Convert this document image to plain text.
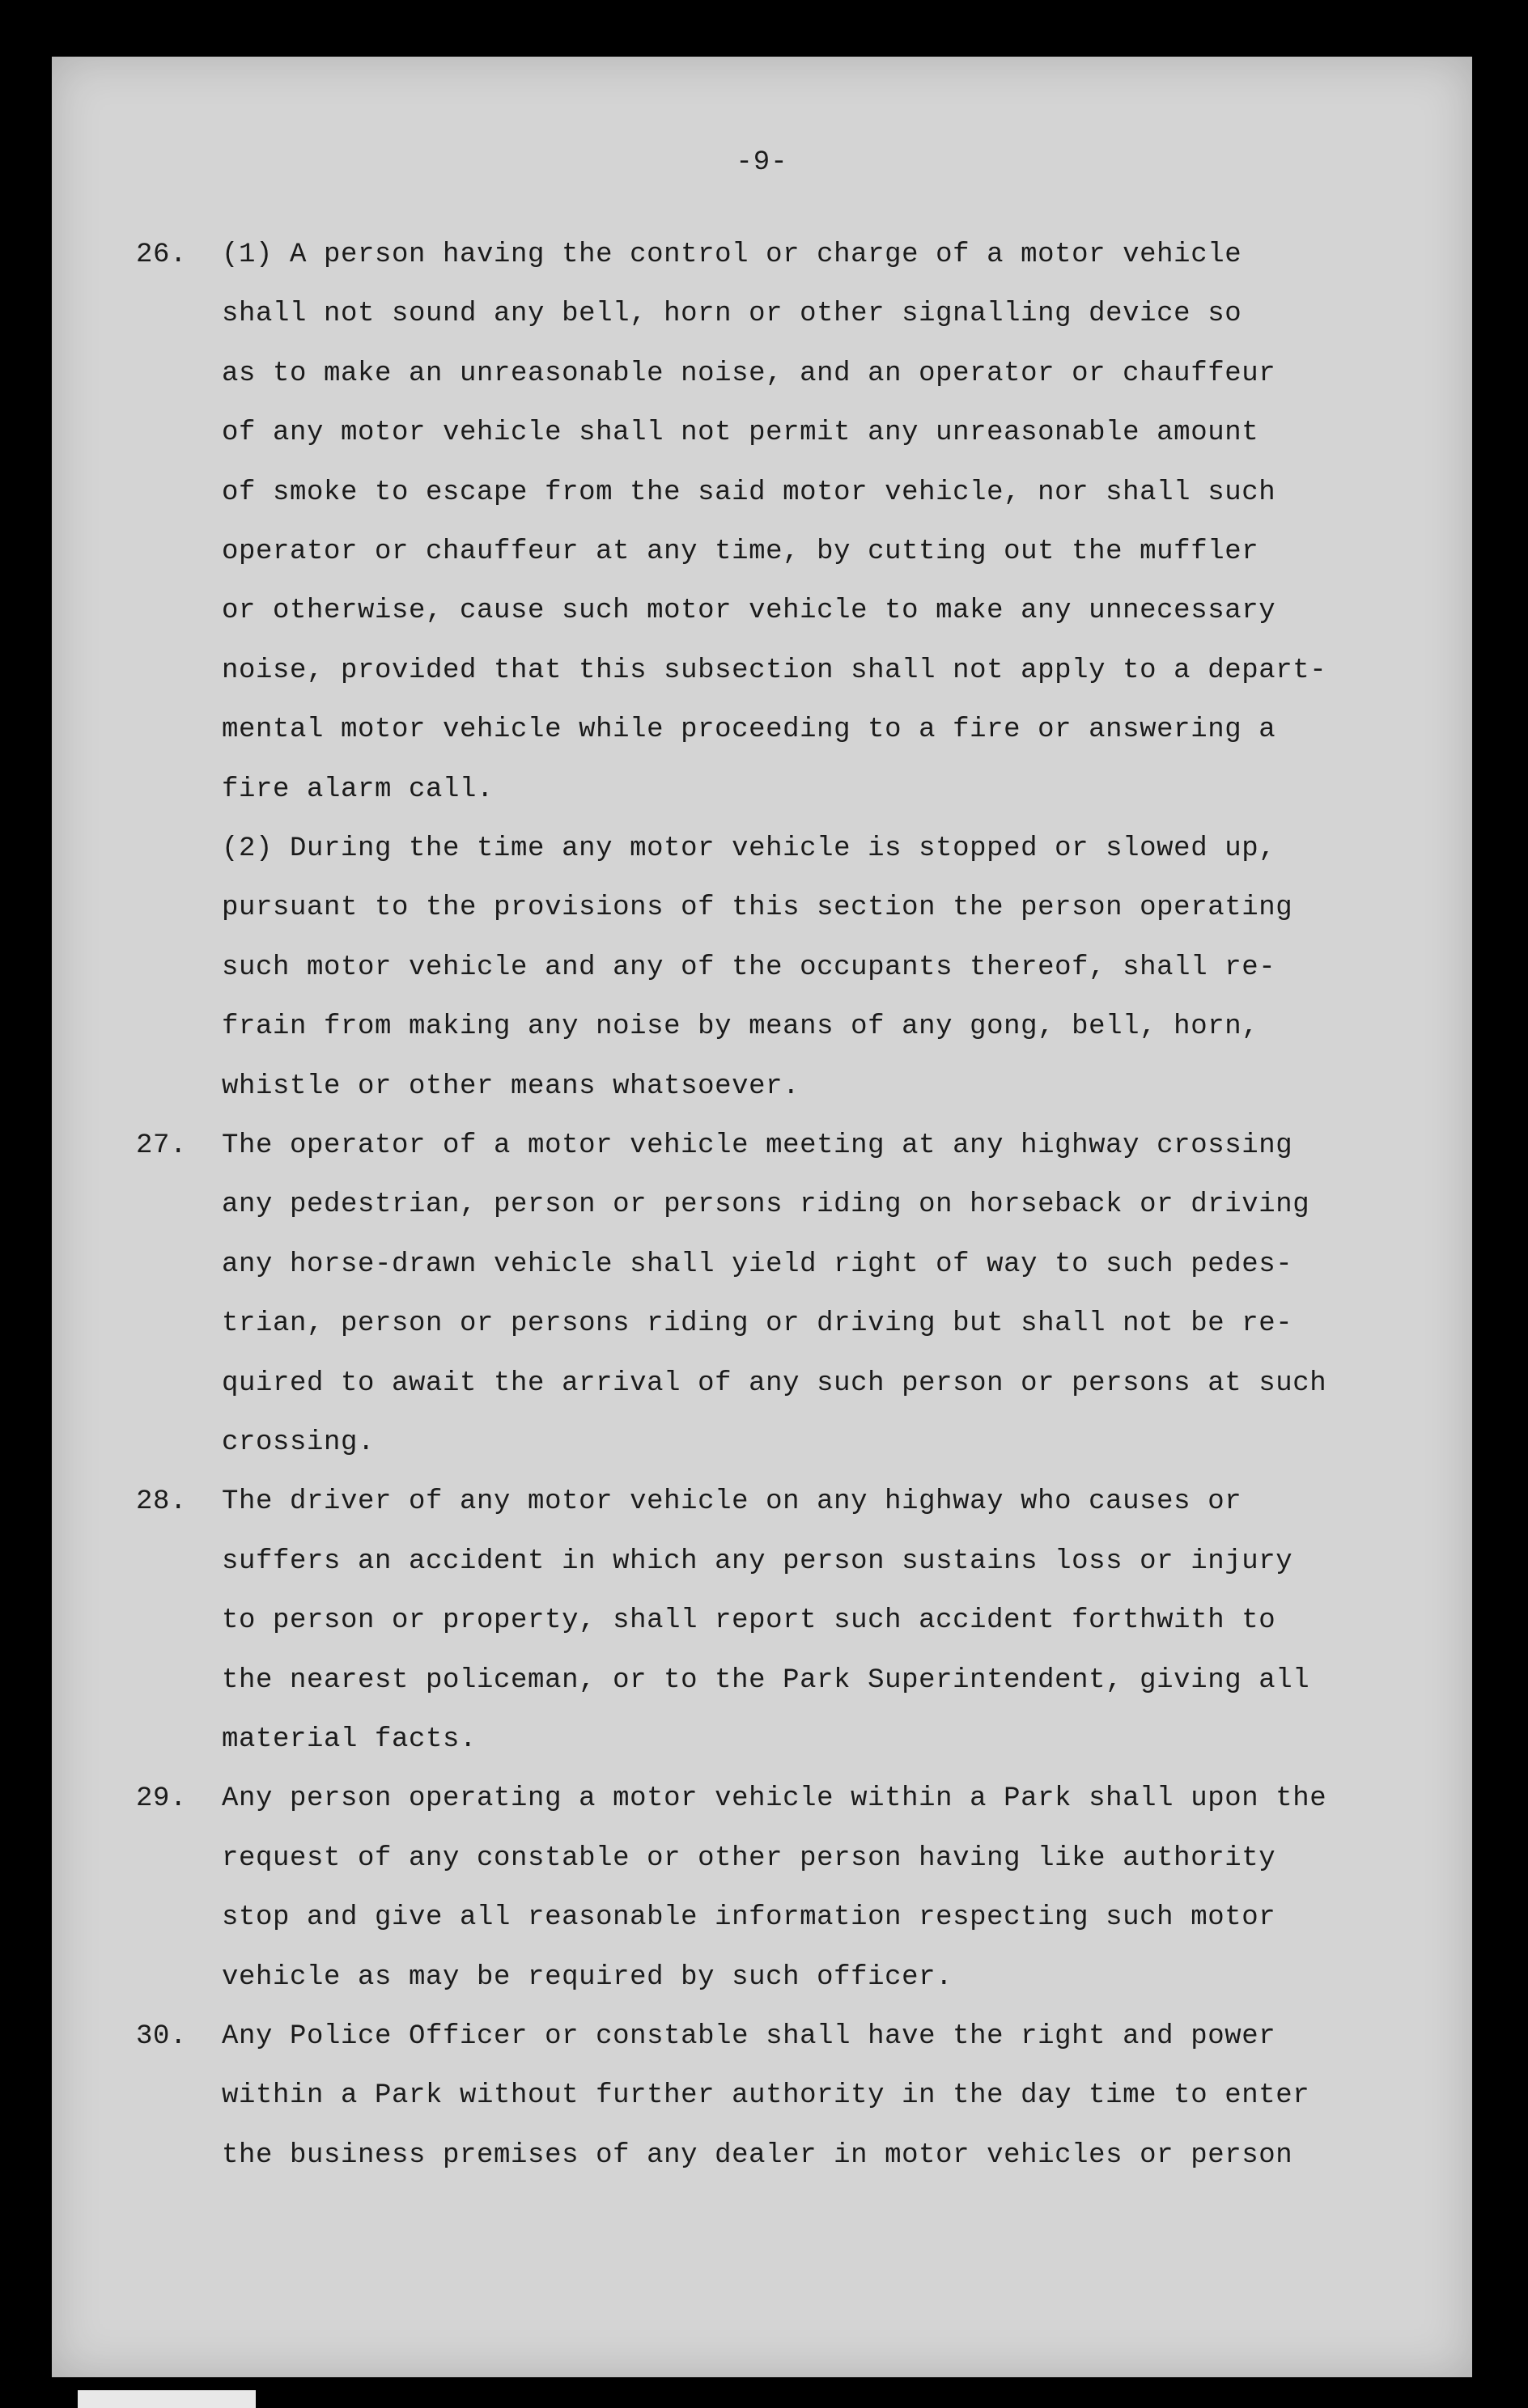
-9-
26. (1) A person having the control or charge of a motor vehicle
shall not sound any bell, horn or other signalling device so
as to make an unreasonable noise, and an operator or chauffeur
of any motor vehicle shall not permit any unreasonable amount
of smoke to escape from the said motor vehicle, nor shall such
operator or chauffeur at any time, by cutting out the muffler
or otherwise, cause such motor vehicle to make any unnecessary
noise, provided that this subsection shall not apply to a depart-
mental motor vehicle while proceeding to a fire or answering a
fire alarm call.
(2) During the time any motor vehicle is stopped or slowed up,
pursuant to the provisions of this section the person operating
such motor vehicle and any of the occupants thereof, shall re-
frain from making any noise by means of any gong, bell, horn,
whistle or other means whatsoever.
27. The operator of a motor vehicle meeting at any highway crossing
any pedestrian, person or persons riding on horseback or driving
any horse-drawn vehicle shall yield right of way to such pedes-
trian, person or persons riding or driving but shall not be re-
quired to await the arrival of any such person or persons at such
crossing.
28. The driver of any motor vehicle on any highway who causes or
suffers an accident in which any person sustains loss or injury
to person or property, shall report such accident forthwith to
the nearest policeman, or to the Park Superintendent, giving all
material facts.
29. Any person operating a motor vehicle within a Park shall upon the
request of any constable or other person having like authority
stop and give all reasonable information respecting such motor
vehicle as may be required by such officer.
30. Any Police Officer or constable shall have the right and power
within a Park without further authority in the day time to enter
the business premises of any dealer in motor vehicles or person
